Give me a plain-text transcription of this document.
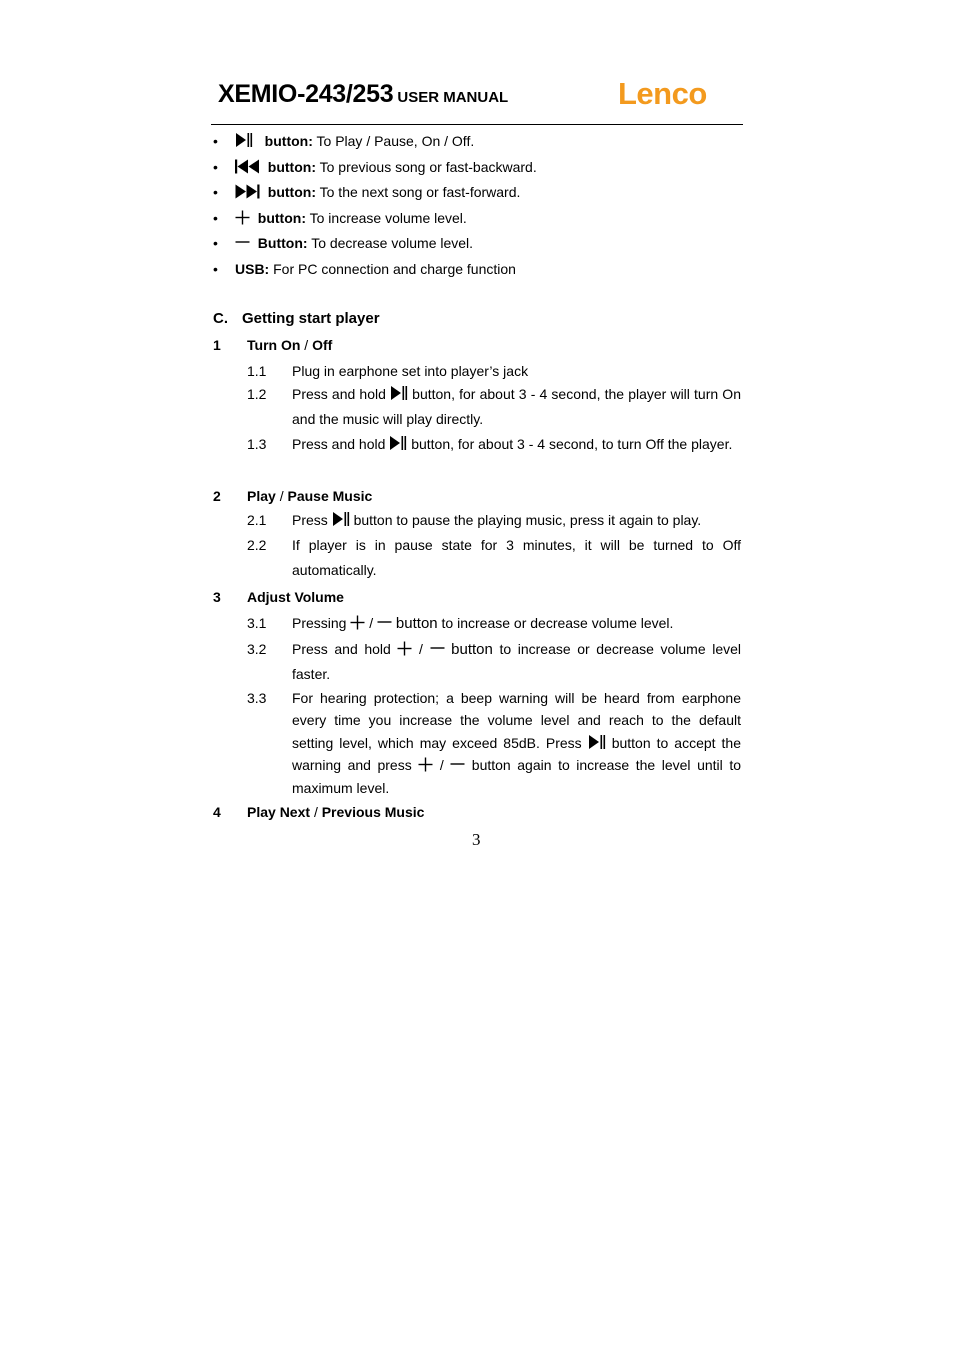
XEMIO-243/253 USER MANUAL	Lenco
•	button: To Play / Pause, On / Off.
•	button: To previous song or fast-backward.
•	button: To the next song or fast-forward.
•	button: To increase volume level.
•	Button: To decrease volume level.
• USB: For PC connection and charge function
C. Getting start player
1 Turn On / Off
1.1 Plug in earphone set into player’s jack
1.2 Press and hold button, for about 3 - 4 second, the player will turn On and the music will play directly.
1.3 Press and hold button, for about 3 - 4 second, to turn Off the player.
2 Play / Pause Music
2.1 Press button to pause the playing music, press it again to play.
2.2 If player is in pause state for 3 minutes, it will be turned to Off automatically.
3 Adjust Volume
3.1 Pressing / button to increase or decrease volume level.
3.2 Press and hold / button to increase or decrease volume level faster.
3.3 For hearing protection; a beep warning will be heard from earphone every time you increase the volume level and reach to the default setting level, which may exceed 85dB. Press button to accept the warning and press / button again to increase the level until to maximum level.
4 Play Next / Previous Music
3
